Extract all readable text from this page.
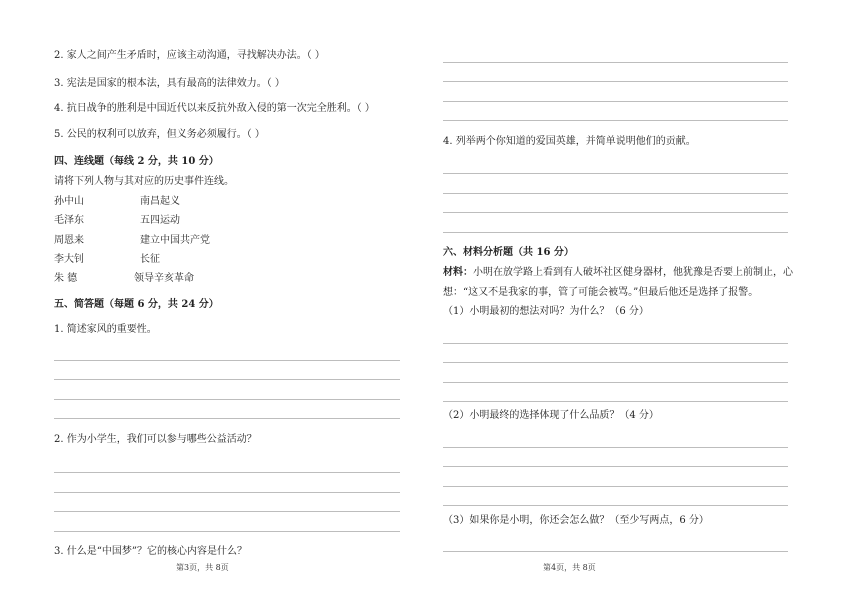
2. 家人之间产生矛盾时，应该主动沟通，寻找解决办法。（ ）
3. 宪法是国家的根本法，具有最高的法律效力。（ ）
4. 抗日战争的胜利是中国近代以来反抗外敌入侵的第一次完全胜利。（ ）
5. 公民的权利可以放弃，但义务必须履行。（ ）
四、连线题（每线 2 分，共 10 分）
请将下列人物与其对应的历史事件连线。
孙中山	南昌起义
毛泽东	五四运动
周恩来	建立中国共产党
李大钊	长征
朱 德	领导辛亥革命
五、简答题（每题 6 分，共 24 分）
1. 简述家风的重要性。
2. 作为小学生，我们可以参与哪些公益活动？
3. 什么是“中国梦”？它的核心内容是什么？
第3页，共 8页
4. 列举两个你知道的爱国英雄，并简单说明他们的贡献。
六、材料分析题（共 16 分）
材料：小明在放学路上看到有人破坏社区健身器材，他犹豫是否要上前制止，心
想：“这又不是我家的事，管了可能会被骂。”但最后他还是选择了报警。
（1）小明最初的想法对吗？为什么？（6 分）
（2）小明最终的选择体现了什么品质？（4 分）
（3）如果你是小明，你还会怎么做？（至少写两点，6 分）
第4页，共 8页
